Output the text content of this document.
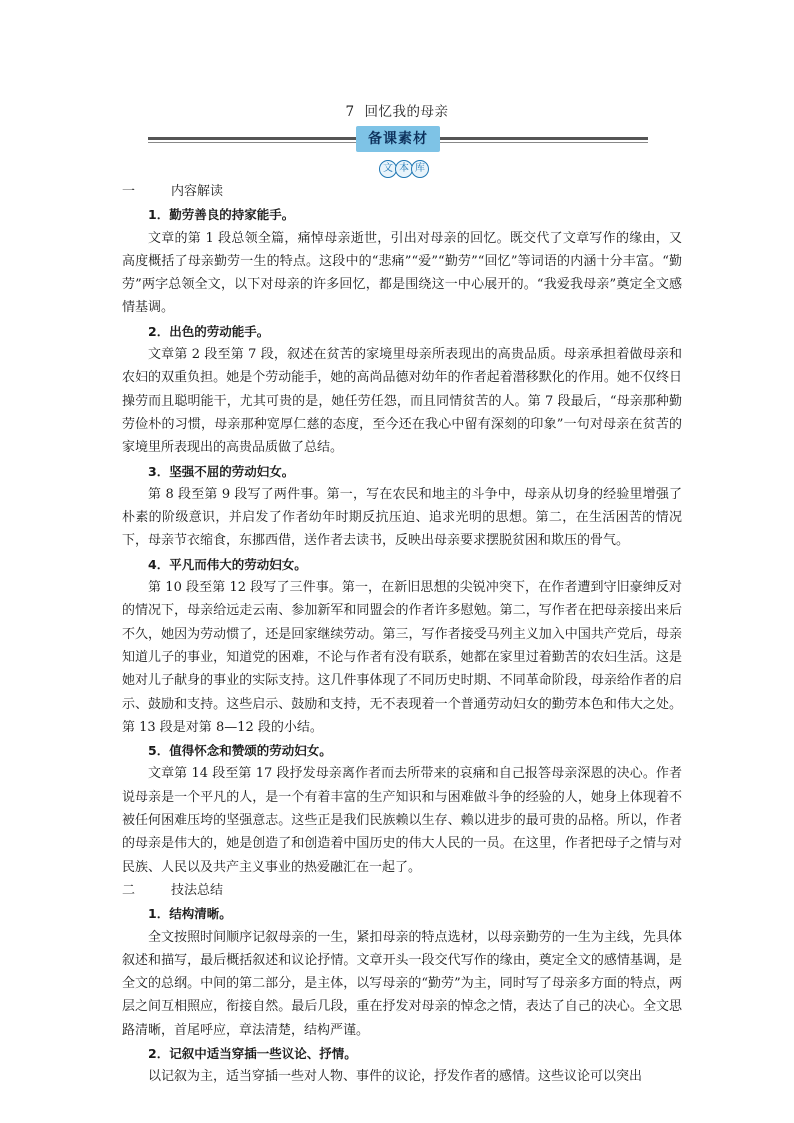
7 回忆我的母亲
备课素材
文 本 库

一	内容解读

1．勤劳善良的持家能手。

文章的第 1 段总领全篇，痛悼母亲逝世，引出对母亲的回忆。既交代了文章写作的缘由，又高度概括了母亲勤劳一生的特点。这段中的“悲痛”“爱”“勤劳”“回忆”等词语的内涵十分丰富。“勤劳”两字总领全文，以下对母亲的许多回忆，都是围绕这一中心展开的。“我爱我母亲”奠定全文感情基调。

2．出色的劳动能手。

文章第 2 段至第 7 段，叙述在贫苦的家境里母亲所表现出的高贵品质。母亲承担着做母亲和农妇的双重负担。她是个劳动能手，她的高尚品德对幼年的作者起着潜移默化的作用。她不仅终日操劳而且聪明能干，尤其可贵的是，她任劳任怨，而且同情贫苦的人。第 7 段最后，“母亲那种勤劳俭朴的习惯，母亲那种宽厚仁慈的态度，至今还在我心中留有深刻的印象”一句对母亲在贫苦的家境里所表现出的高贵品质做了总结。

3．坚强不屈的劳动妇女。

第 8 段至第 9 段写了两件事。第一，写在农民和地主的斗争中，母亲从切身的经验里增强了朴素的阶级意识，并启发了作者幼年时期反抗压迫、追求光明的思想。第二，在生活困苦的情况下，母亲节衣缩食，东挪西借，送作者去读书，反映出母亲要求摆脱贫困和欺压的骨气。

4．平凡而伟大的劳动妇女。

第 10 段至第 12 段写了三件事。第一，在新旧思想的尖锐冲突下，在作者遭到守旧豪绅反对的情况下，母亲给远走云南、参加新军和同盟会的作者许多慰勉。第二，写作者在把母亲接出来后不久，她因为劳动惯了，还是回家继续劳动。第三，写作者接受马列主义加入中国共产党后，母亲知道儿子的事业，知道党的困难，不论与作者有没有联系，她都在家里过着勤苦的农妇生活。这是她对儿子献身的事业的实际支持。这几件事体现了不同历史时期、不同革命阶段，母亲给作者的启示、鼓励和支持。这些启示、鼓励和支持，无不表现着一个普通劳动妇女的勤劳本色和伟大之处。第 13 段是对第 8—12 段的小结。

5．值得怀念和赞颂的劳动妇女。

文章第 14 段至第 17 段抒发母亲离作者而去所带来的哀痛和自己报答母亲深恩的决心。作者说母亲是一个平凡的人，是一个有着丰富的生产知识和与困难做斗争的经验的人，她身上体现着不被任何困难压垮的坚强意志。这些正是我们民族赖以生存、赖以进步的最可贵的品格。所以，作者的母亲是伟大的，她是创造了和创造着中国历史的伟大人民的一员。在这里，作者把母子之情与对民族、人民以及共产主义事业的热爱融汇在一起了。

二	技法总结

1．结构清晰。

全文按照时间顺序记叙母亲的一生，紧扣母亲的特点选材，以母亲勤劳的一生为主线，先具体叙述和描写，最后概括叙述和议论抒情。文章开头一段交代写作的缘由，奠定全文的感情基调，是全文的总纲。中间的第二部分，是主体，以写母亲的“勤劳”为主，同时写了母亲多方面的特点，两层之间互相照应，衔接自然。最后几段，重在抒发对母亲的悼念之情，表达了自己的决心。全文思路清晰，首尾呼应，章法清楚，结构严谨。

2．记叙中适当穿插一些议论、抒情。

以记叙为主，适当穿插一些对人物、事件的议论，抒发作者的感情。这些议论可以突出
